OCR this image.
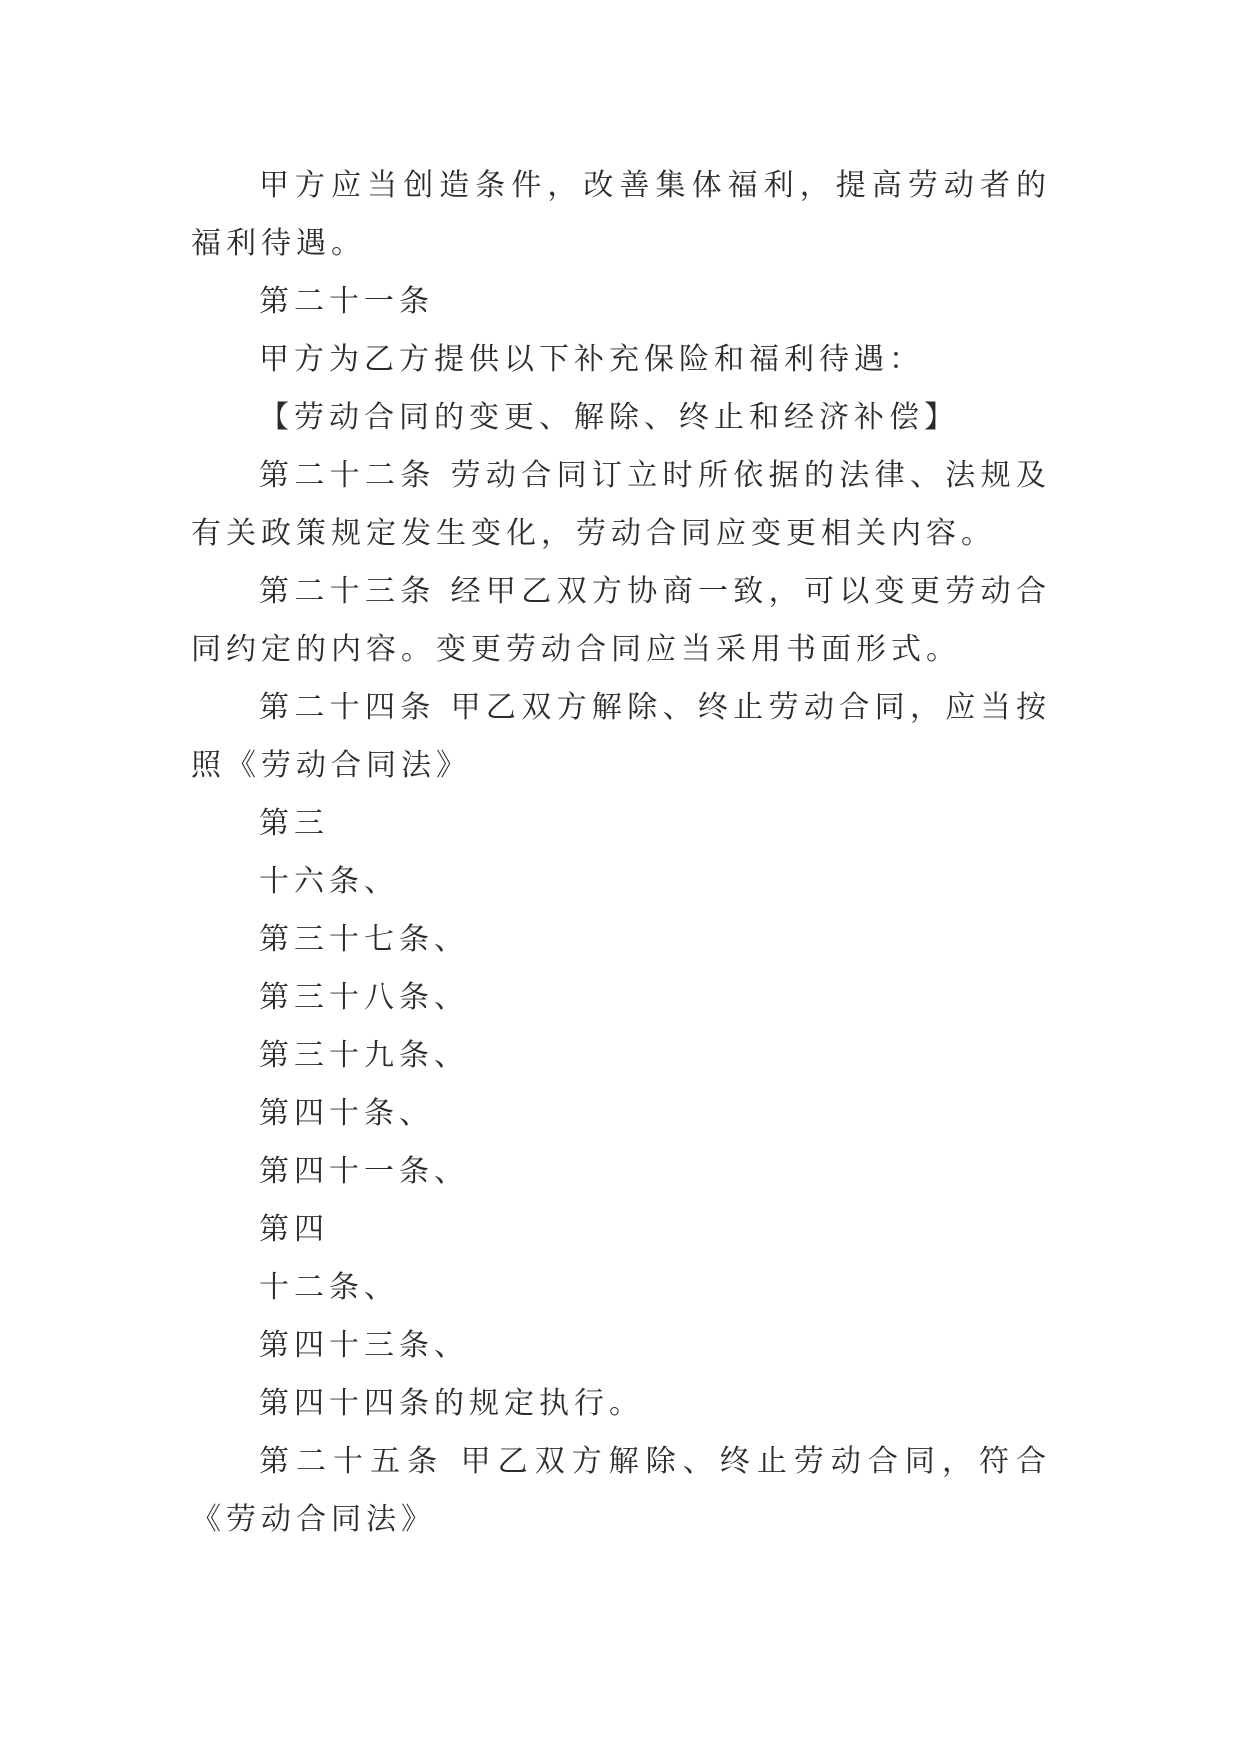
甲方应当创造条件，改善集体福利，提高劳动者的福利待遇。

第二十一条

甲方为乙方提供以下补充保险和福利待遇：

【劳动合同的变更、解除、终止和经济补偿】

第二十二条 劳动合同订立时所依据的法律、法规及有关政策规定发生变化，劳动合同应变更相关内容。

第二十三条 经甲乙双方协商一致，可以变更劳动合同约定的内容。变更劳动合同应当采用书面形式。

第二十四条 甲乙双方解除、终止劳动合同，应当按照《劳动合同法》

第三

十六条、

第三十七条、

第三十八条、

第三十九条、

第四十条、

第四十一条、

第四

十二条、

第四十三条、

第四十四条的规定执行。

第二十五条 甲乙双方解除、终止劳动合同，符合《劳动合同法》
